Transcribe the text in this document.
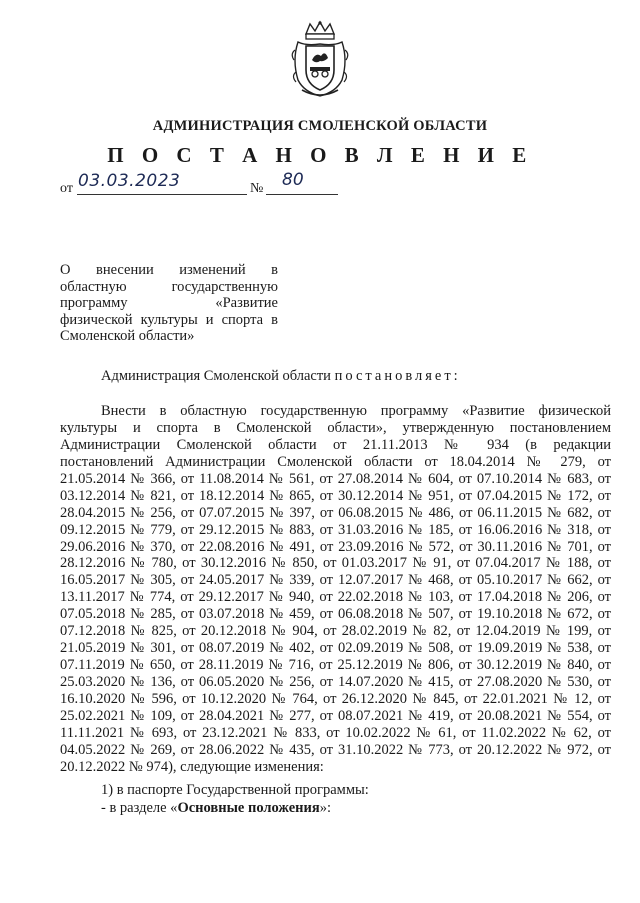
АДМИНИСТРАЦИЯ СМОЛЕНСКОЙ ОБЛАСТИ
П О С Т А Н О В Л Е Н И Е
от 03.03.2023	№ 80
О внесении изменений в
областную государственную
программу «Развитие
физической культуры и спорта в
Смоленской области»
Администрация Смоленской области постановляет:
Внести в областную государственную программу «Развитие физической
культуры и спорта в Смоленской области», утвержденную постановлением
Администрации Смоленской области от 21.11.2013 № 934 (в редакции
постановлений Администрации Смоленской области от 18.04.2014 № 279, от
21.05.2014 № 366, от 11.08.2014 № 561, от 27.08.2014 № 604, от 07.10.2014 № 683, от
03.12.2014 № 821, от 18.12.2014 № 865, от 30.12.2014 № 951, от 07.04.2015 № 172, от
28.04.2015 № 256, от 07.07.2015 № 397, от 06.08.2015 № 486, от 06.11.2015 № 682, от
09.12.2015 № 779, от 29.12.2015 № 883, от 31.03.2016 № 185, от 16.06.2016 № 318, от
29.06.2016 № 370, от 22.08.2016 № 491, от 23.09.2016 № 572, от 30.11.2016 № 701, от
28.12.2016 № 780, от 30.12.2016 № 850, от 01.03.2017 № 91, от 07.04.2017 № 188, от
16.05.2017 № 305, от 24.05.2017 № 339, от 12.07.2017 № 468, от 05.10.2017 № 662, от
13.11.2017 № 774, от 29.12.2017 № 940, от 22.02.2018 № 103, от 17.04.2018 № 206, от
07.05.2018 № 285, от 03.07.2018 № 459, от 06.08.2018 № 507, от 19.10.2018 № 672, от
07.12.2018 № 825, от 20.12.2018 № 904, от 28.02.2019 № 82, от 12.04.2019 № 199, от
21.05.2019 № 301, от 08.07.2019 № 402, от 02.09.2019 № 508, от 19.09.2019 № 538, от
07.11.2019 № 650, от 28.11.2019 № 716, от 25.12.2019 № 806, от 30.12.2019 № 840, от
25.03.2020 № 136, от 06.05.2020 № 256, от 14.07.2020 № 415, от 27.08.2020 № 530, от
16.10.2020 № 596, от 10.12.2020 № 764, от 26.12.2020 № 845, от 22.01.2021 № 12, от
25.02.2021 № 109, от 28.04.2021 № 277, от 08.07.2021 № 419, от 20.08.2021 № 554, от
11.11.2021 № 693, от 23.12.2021 № 833, от 10.02.2022 № 61, от 11.02.2022 № 62, от
04.05.2022 № 269, от 28.06.2022 № 435, от 31.10.2022 № 773, от 20.12.2022 № 972, от
20.12.2022 № 974), следующие изменения:
1) в паспорте Государственной программы:
- в разделе «Основные положения»:
